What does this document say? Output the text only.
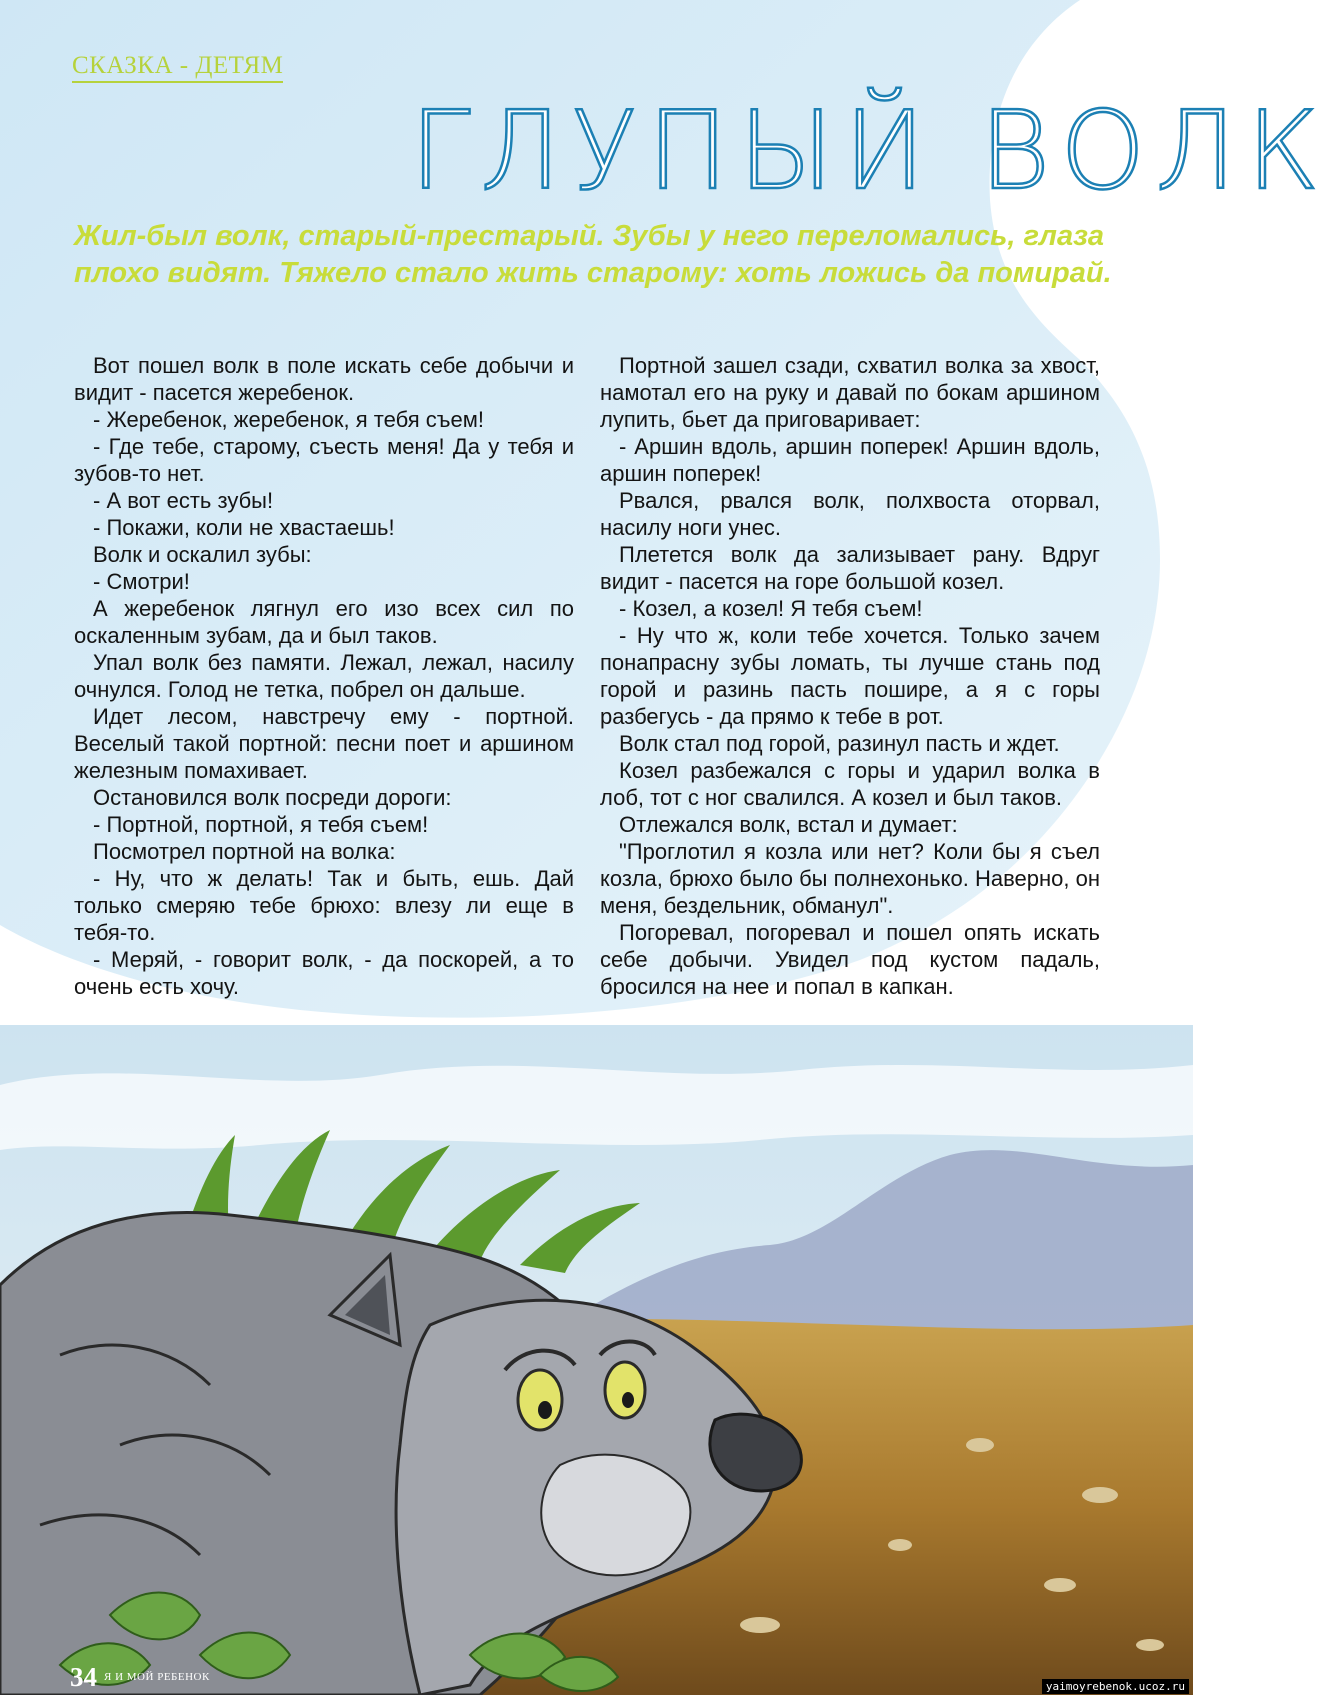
СКАЗКА - ДЕТЯМ
ГЛУПЫЙ ВОЛК

Жил-был волк, старый-престарый. Зубы у него переломались, глаза плохо видят. Тяжело стало жить старому: хоть ложись да помирай.

Вот пошел волк в поле искать себе добычи и видит - пасется жеребенок.

- Жеребенок, жеребенок, я тебя съем!

- Где тебе, старому, съесть меня! Да у тебя и зубов-то нет.

- А вот есть зубы!

- Покажи, коли не хвастаешь!

Волк и оскалил зубы:

- Смотри!

А жеребенок лягнул его изо всех сил по оскаленным зубам, да и был таков.

Упал волк без памяти. Лежал, лежал, насилу очнулся. Голод не тетка, побрел он дальше.

Идет лесом, навстречу ему - портной. Веселый такой портной: песни поет и аршином железным помахивает.

Остановился волк посреди дороги:

- Портной, портной, я тебя съем!

Посмотрел портной на волка:

- Ну, что ж делать! Так и быть, ешь. Дай только смеряю тебе брюхо: влезу ли еще в тебя-то.

- Меряй, - говорит волк, - да поскорей, а то очень есть хочу.

Портной зашел сзади, схватил волка за хвост, намотал его на руку и давай по бокам аршином лупить, бьет да приговаривает:

- Аршин вдоль, аршин поперек! Аршин вдоль, аршин поперек!

Рвался, рвался волк, полхвоста оторвал, насилу ноги унес.

Плетется волк да зализывает рану. Вдруг видит - пасется на горе большой козел.

- Козел, а козел! Я тебя съем!

- Ну что ж, коли тебе хочется. Только зачем понапрасну зубы ломать, ты лучше стань под горой и разинь пасть пошире, а я с горы разбегусь - да прямо к тебе в рот.

Волк стал под горой, разинул пасть и ждет.

Козел разбежался с горы и ударил волка в лоб, тот с ног свалился. А козел и был таков.

Отлежался волк, встал и думает:

"Проглотил я козла или нет? Коли бы я съел козла, брюхо было бы полнехонько. Наверно, он меня, бездельник, обманул".

Погоревал, погоревал и пошел опять искать себе добычи. Увидел под кустом падаль, бросился на нее и попал в капкан.

34 Я И МОЙ РЕБЕНОК
yaimoyrebenok.ucoz.ru
